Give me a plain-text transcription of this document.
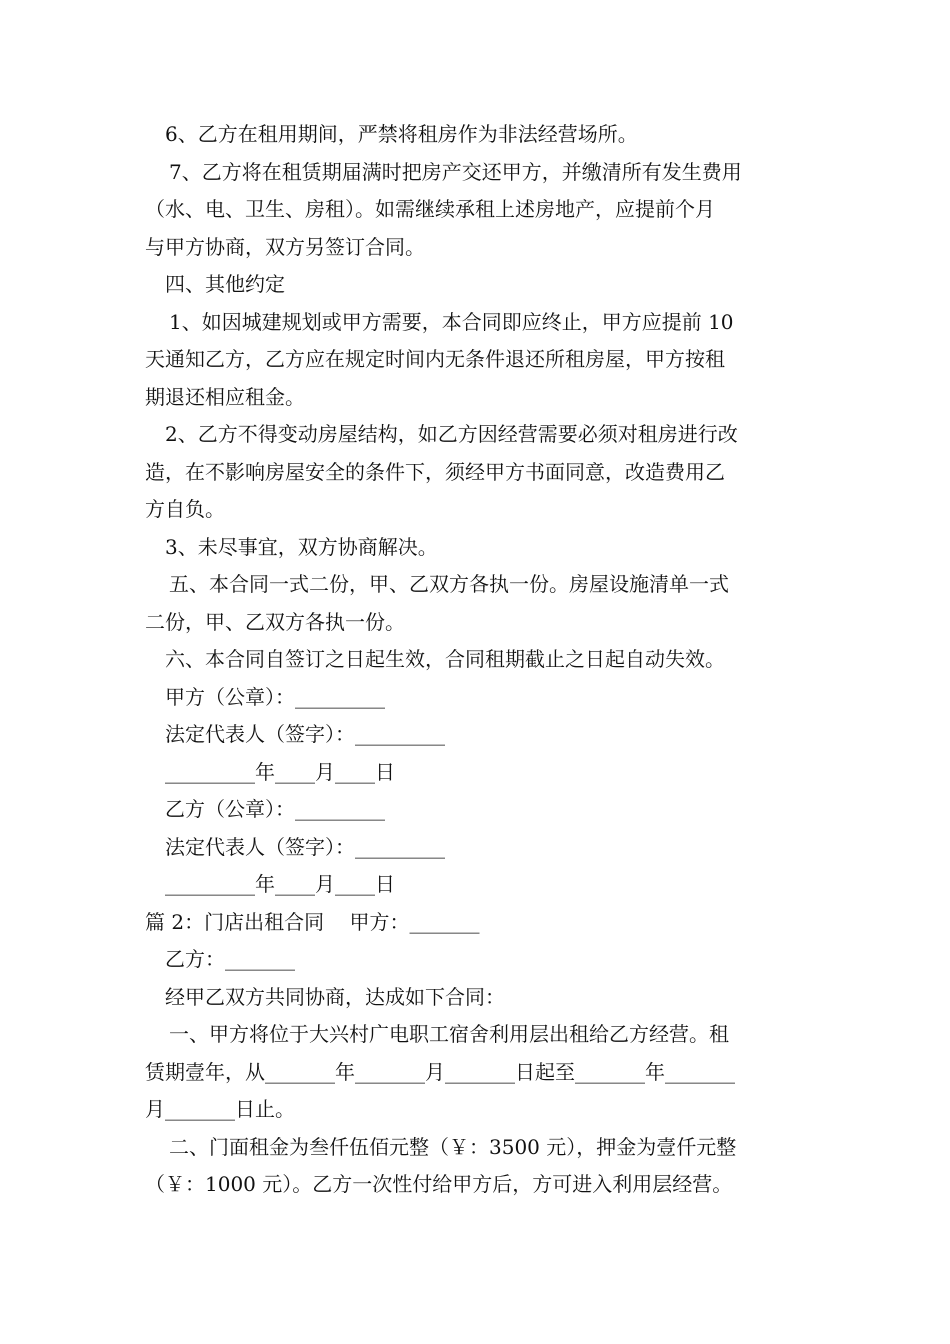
6、乙方在租用期间，严禁将租房作为非法经营场所。
7、乙方将在租赁期届满时把房产交还甲方，并缴清所有发生费用
（水、电、卫生、房租）。如需继续承租上述房地产，应提前个月
与甲方协商，双方另签订合同。
四、其他约定
1、如因城建规划或甲方需要，本合同即应终止，甲方应提前 10
天通知乙方，乙方应在规定时间内无条件退还所租房屋，甲方按租
期退还相应租金。
2、乙方不得变动房屋结构，如乙方因经营需要必须对租房进行改
造，在不影响房屋安全的条件下，须经甲方书面同意，改造费用乙
方自负。
3、未尽事宜，双方协商解决。
五、本合同一式二份，甲、乙双方各执一份。房屋设施清单一式
二份，甲、乙双方各执一份。
六、本合同自签订之日起生效，合同租期截止之日起自动失效。
甲方（公章）：_________
法定代表人（签字）：_________
_________年____月____日
乙方（公章）：_________
法定代表人（签字）：_________
_________年____月____日
篇 2：门店出租合同    甲方：_______
乙方：_______
经甲乙双方共同协商，达成如下合同：
一、甲方将位于大兴村广电职工宿舍利用层出租给乙方经营。租
赁期壹年，从_______年_______月_______日起至_______年_______
月_______日止。
二、门面租金为叁仟伍佰元整（￥：3500 元），押金为壹仟元整
（￥：1000 元）。乙方一次性付给甲方后，方可进入利用层经营。
